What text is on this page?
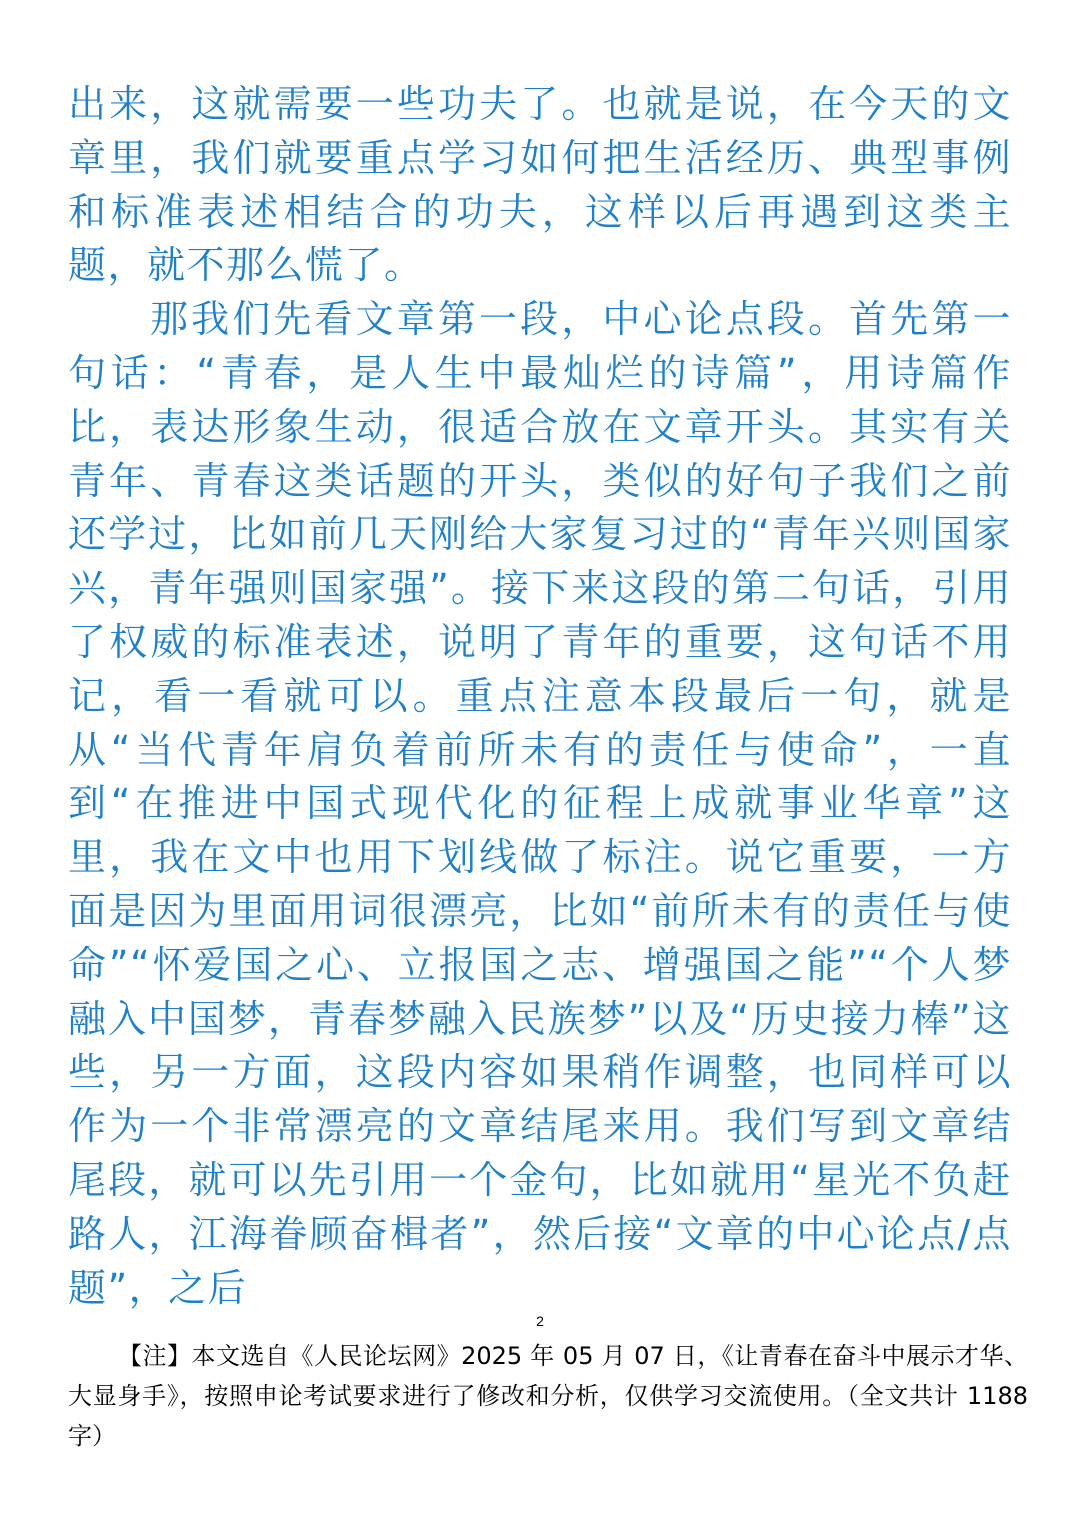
出来，这就需要一些功夫了。也就是说，在今天的文章里，我们就要重点学习如何把生活经历、典型事例和标准表述相结合的功夫，这样以后再遇到这类主题，就不那么慌了。

那我们先看文章第一段，中心论点段。首先第一句话：“青春，是人生中最灿烂的诗篇”，用诗篇作比，表达形象生动，很适合放在文章开头。其实有关青年、青春这类话题的开头，类似的好句子我们之前还学过，比如前几天刚给大家复习过的“青年兴则国家兴，青年强则国家强”。接下来这段的第二句话，引用了权威的标准表述，说明了青年的重要，这句话不用记，看一看就可以。重点注意本段最后一句，就是从“当代青年肩负着前所未有的责任与使命”，一直到“在推进中国式现代化的征程上成就事业华章”这里，我在文中也用下划线做了标注。说它重要，一方面是因为里面用词很漂亮，比如“前所未有的责任与使命”“怀爱国之心、立报国之志、增强国之能”“个人梦融入中国梦，青春梦融入民族梦”以及“历史接力棒”这些，另一方面，这段内容如果稍作调整，也同样可以作为一个非常漂亮的文章结尾来用。我们写到文章结尾段，就可以先引用一个金句，比如就用“星光不负赶路人，江海眷顾奋楫者”，然后接“文章的中心论点/点题”，之后

2

【注】本文选自《人民论坛网》2025 年 05 月 07 日，《让青春在奋斗中展示才华、大显身手》，按照申论考试要求进行了修改和分析，仅供学习交流使用。（全文共计 1188 字）
